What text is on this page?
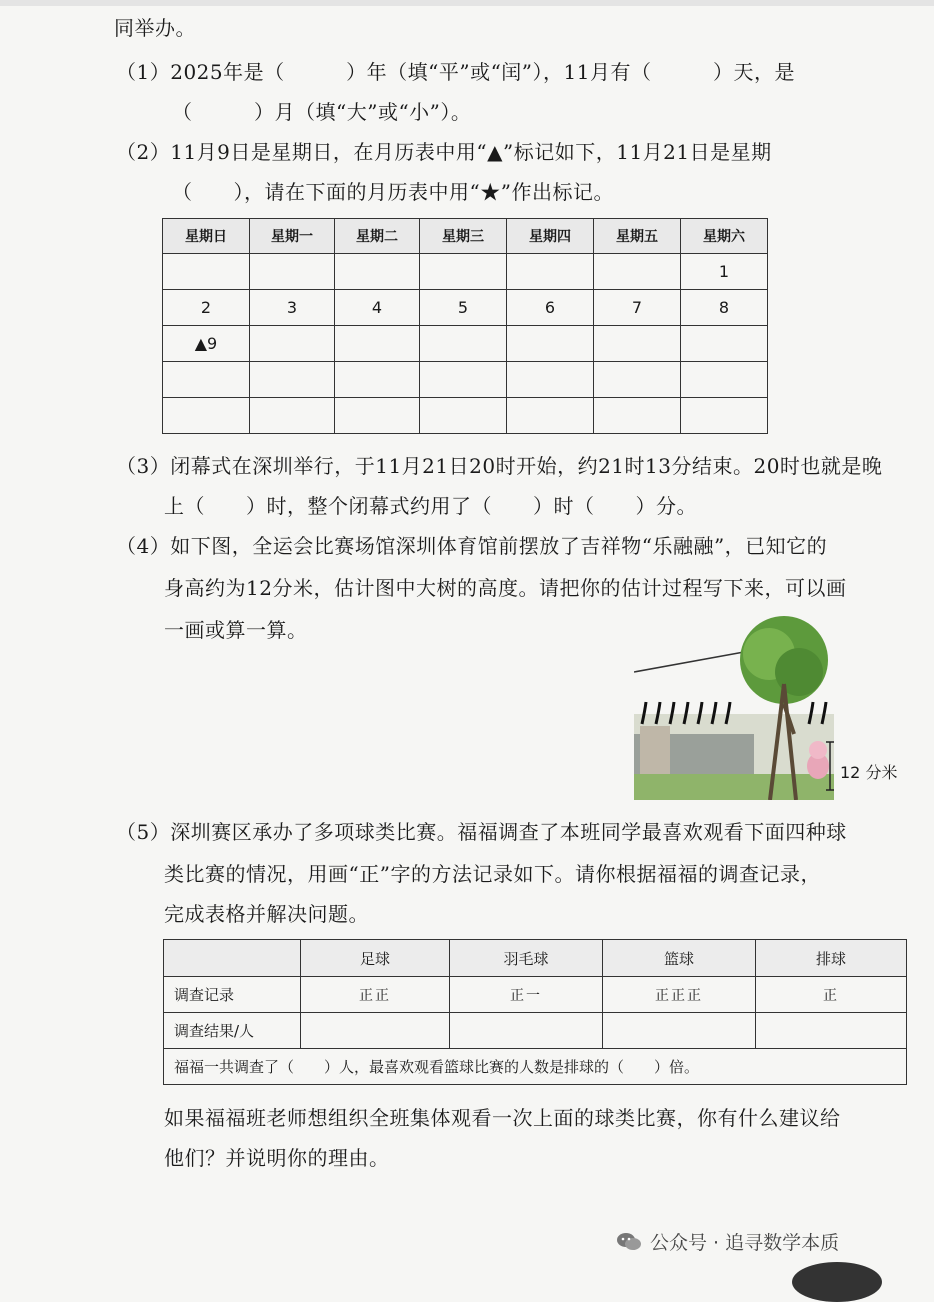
同举办。
（1）2025年是（　　　）年（填“平”或“闰”），11月有（　　　）天，是
（　　　）月（填“大”或“小”）。
（2）11月9日是星期日，在月历表中用“▲”标记如下，11月21日是星期
（　　），请在下面的月历表中用“★”作出标记。
星期日	星期一	星期二	星期三	星期四	星期五	星期六
						1
2	3	4	5	6	7	8
▲9						

（3）闭幕式在深圳举行，于11月21日20时开始，约21时13分结束。20时也就是晚
上（　　）时，整个闭幕式约用了（　　）时（　　）分。
（4）如下图，全运会比赛场馆深圳体育馆前摆放了吉祥物“乐融融”，已知它的
身高约为12分米，估计图中大树的高度。请把你的估计过程写下来，可以画
一画或算一算。
12 分米
（5）深圳赛区承办了多项球类比赛。福福调查了本班同学最喜欢观看下面四种球
类比赛的情况，用画“正”字的方法记录如下。请你根据福福的调查记录，
完成表格并解决问题。
	足球	羽毛球	篮球	排球
调查记录	正正	正一	正正正	正
调查结果/人				
福福一共调查了（　　）人，最喜欢观看篮球比赛的人数是排球的（　　）倍。				
如果福福班老师想组织全班集体观看一次上面的球类比赛，你有什么建议给
他们？并说明你的理由。
公众号 · 追寻数学本质
